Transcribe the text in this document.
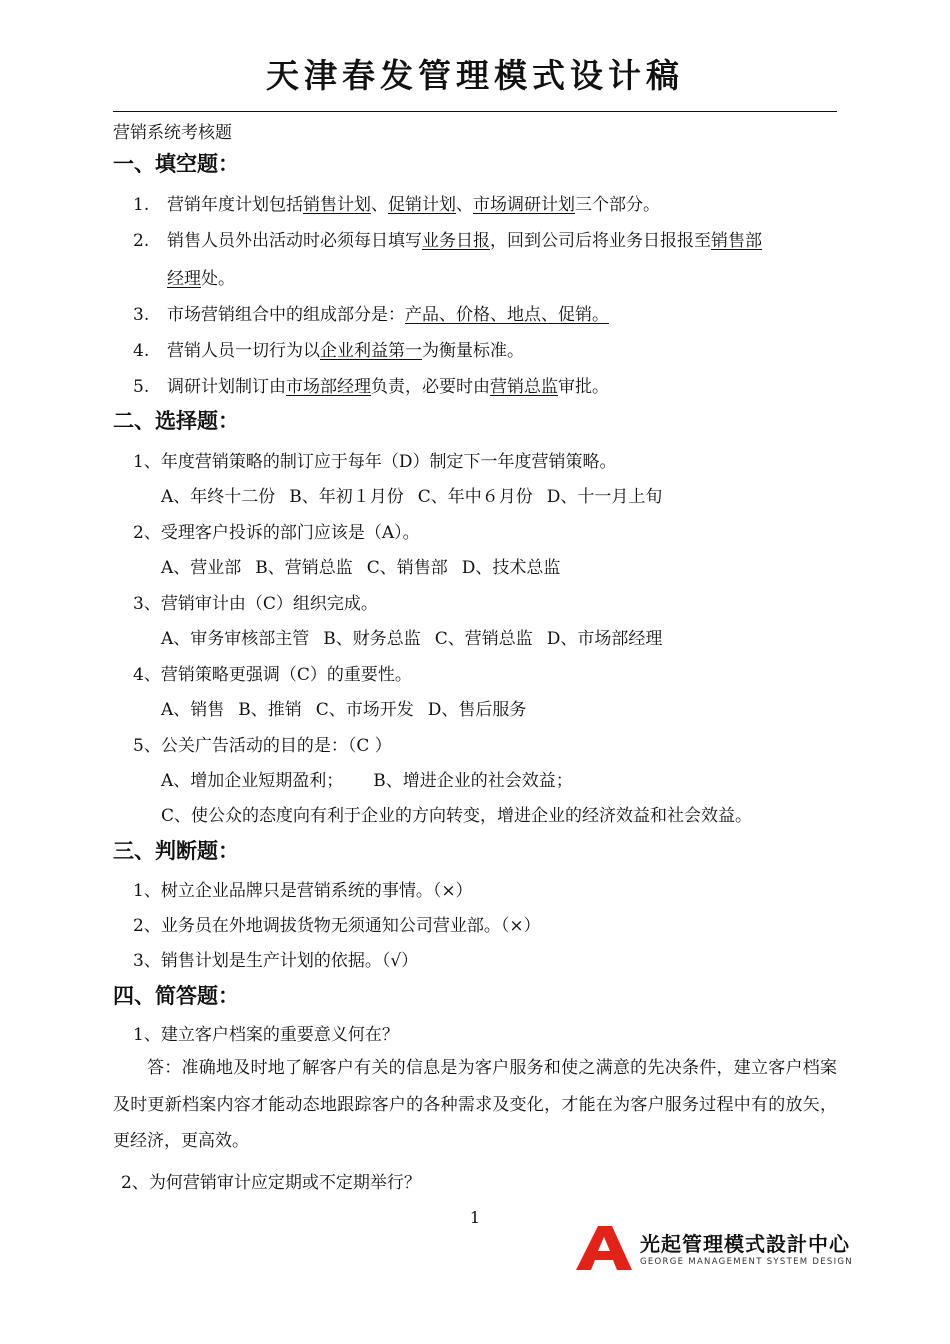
天津春发管理模式设计稿
营销系统考核题
一、填空题：
1. 营销年度计划包括销售计划、促销计划、市场调研计划三个部分。
2. 销售人员外出活动时必须每日填写业务日报，回到公司后将业务日报报至销售部
经理处。
3. 市场营销组合中的组成部分是：产品、价格、地点、促销。
4. 营销人员一切行为以企业利益第一为衡量标准。
5. 调研计划制订由市场部经理负责，必要时由营销总监审批。
二、选择题：
1、年度营销策略的制订应于每年（D）制定下一年度营销策略。
A、年终十二份 B、年初１月份 C、年中６月份 D、十一月上旬
2、受理客户投诉的部门应该是（A）。
A、营业部 B、营销总监 C、销售部 D、技术总监
3、营销审计由（C）组织完成。
A、审务审核部主管 B、财务总监 C、营销总监 D、市场部经理
4、营销策略更强调（C）的重要性。
A、销售 B、推销 C、市场开发 D、售后服务
5、公关广告活动的目的是：（C ）
A、增加企业短期盈利； B、增进企业的社会效益；
C、使公众的态度向有利于企业的方向转变，增进企业的经济效益和社会效益。
三、判断题：
1、树立企业品牌只是营销系统的事情。（×）
2、业务员在外地调拔货物无须通知公司营业部。（×）
3、销售计划是生产计划的依据。（√）
四、简答题：
1、建立客户档案的重要意义何在？
答：准确地及时地了解客户有关的信息是为客户服务和使之满意的先决条件，建立客户档案及时更新档案内容才能动态地跟踪客户的各种需求及变化，才能在为客户服务过程中有的放矢，更经济，更高效。
2、为何营销审计应定期或不定期举行？
1
光起管理模式設計中心
GEORGE MANAGEMENT SYSTEM DESIGN
